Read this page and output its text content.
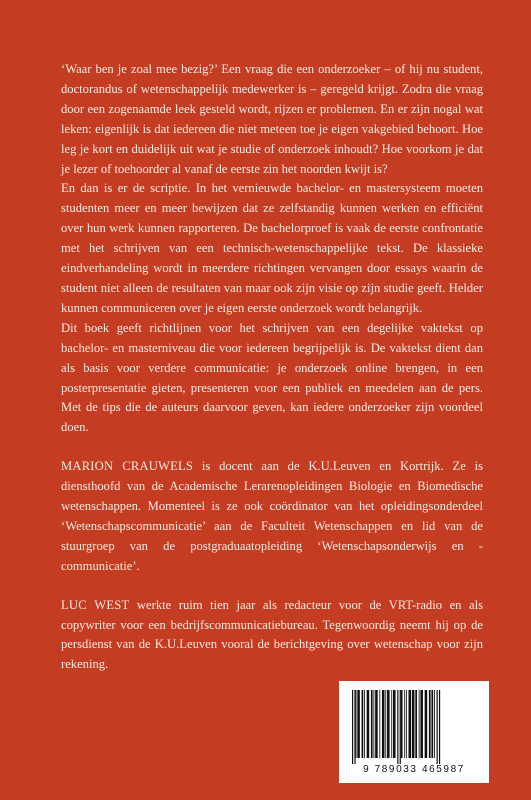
‘Waar ben je zoal mee bezig?’ Een vraag die een onderzoeker – of hij nu student, doctorandus of wetenschappelijk medewerker is – geregeld krijgt. Zodra die vraag door een zogenaamde leek gesteld wordt, rijzen er problemen. En er zijn nogal wat leken: eigenlijk is dat iedereen die niet meteen toe je eigen vakgebied behoort. Hoe leg je kort en duidelijk uit wat je studie of onderzoek inhoudt? Hoe voorkom je dat je lezer of toehoorder al vanaf de eerste zin het noorden kwijt is?

En dan is er de scriptie. In het vernieuwde bachelor- en mastersysteem moeten studenten meer en meer bewijzen dat ze zelfstandig kunnen werken en efficiënt over hun werk kunnen rapporteren. De bachelorproef is vaak de eerste confrontatie met het schrijven van een technisch-wetenschappelijke tekst. De klassieke eindverhandeling wordt in meerdere richtingen vervangen door essays waarin de student niet alleen de resultaten van maar ook zijn visie op zijn studie geeft. Helder kunnen communiceren over je eigen eerste onderzoek wordt belangrijk.

Dit boek geeft richtlijnen voor het schrijven van een degelijke vaktekst op bachelor- en masterniveau die voor iedereen begrijpelijk is. De vaktekst dient dan als basis voor verdere communicatie: je onderzoek online brengen, in een posterpresentatie gieten, presenteren voor een publiek en meedelen aan de pers. Met de tips die de auteurs daarvoor geven, kan iedere onderzoeker zijn voordeel doen.

MARION CRAUWELS is docent aan de K.U.Leuven en Kortrijk. Ze is diensthoofd van de Academische Lerarenopleidingen Biologie en Biomedische wetenschappen. Momenteel is ze ook coördinator van het opleidingsonderdeel ‘Wetenschapscommunicatie’ aan de Faculteit Wetenschappen en lid van de stuurgroep van de postgraduaatopleiding ‘Wetenschapsonderwijs en -communicatie’.

LUC WEST werkte ruim tien jaar als redacteur voor de VRT-radio en als copywriter voor een bedrijfscommunicatiebureau. Tegenwoordig neemt hij op de persdienst van de K.U.Leuven vooral de berichtgeving over wetenschap voor zijn rekening.

9 789033 465987
